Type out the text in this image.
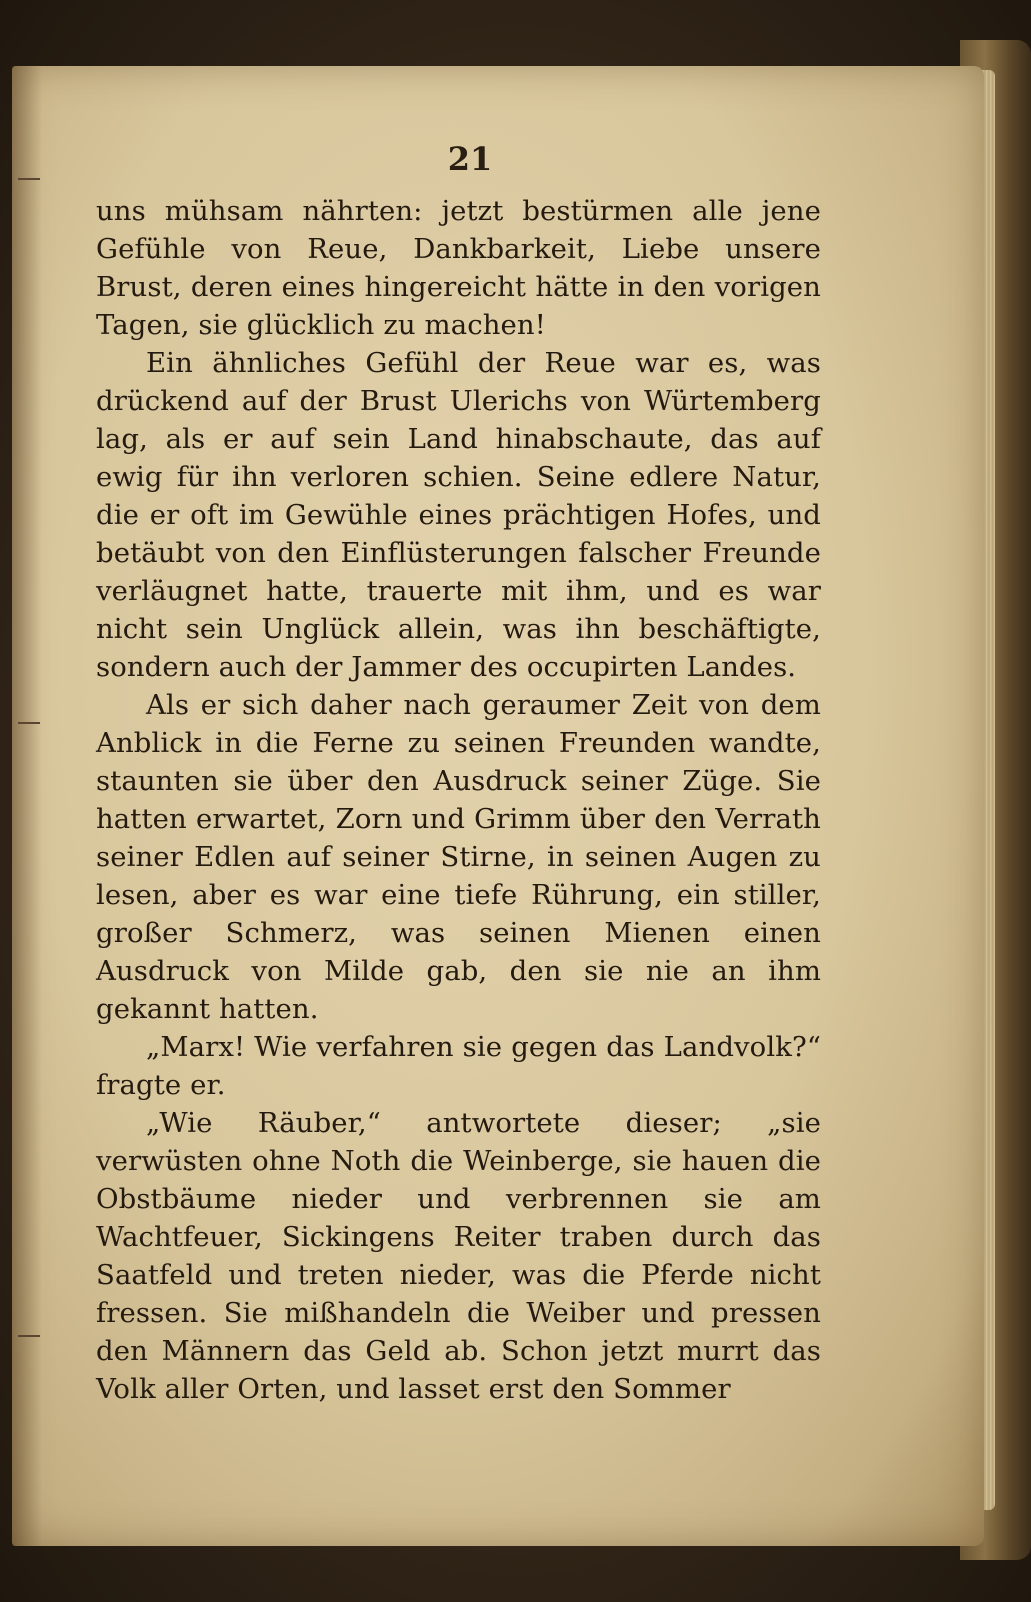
21

uns mühsam nährten: jetzt bestürmen alle jene Gefühle von Reue, Dankbarkeit, Liebe unsere Brust, deren eines hingereicht hätte in den vorigen Tagen, sie glücklich zu machen!

Ein ähnliches Gefühl der Reue war es, was drückend auf der Brust Ulerichs von Würtemberg lag, als er auf sein Land hinabschaute, das auf ewig für ihn verloren schien. Seine edlere Natur, die er oft im Gewühle eines prächtigen Hofes, und betäubt von den Einflüsterungen falscher Freunde verläugnet hatte, trauerte mit ihm, und es war nicht sein Unglück allein, was ihn beschäftigte, sondern auch der Jammer des occupirten Landes.

Als er sich daher nach geraumer Zeit von dem Anblick in die Ferne zu seinen Freunden wandte, staunten sie über den Ausdruck seiner Züge. Sie hatten erwartet, Zorn und Grimm über den Verrath seiner Edlen auf seiner Stirne, in seinen Augen zu lesen, aber es war eine tiefe Rührung, ein stiller, großer Schmerz, was seinen Mienen einen Ausdruck von Milde gab, den sie nie an ihm gekannt hatten.

„Marx! Wie verfahren sie gegen das Landvolk?“ fragte er.

„Wie Räuber,“ antwortete dieser; „sie verwüsten ohne Noth die Weinberge, sie hauen die Obstbäume nieder und verbrennen sie am Wachtfeuer, Sickingens Reiter traben durch das Saatfeld und treten nieder, was die Pferde nicht fressen. Sie mißhandeln die Weiber und pressen den Männern das Geld ab. Schon jetzt murrt das Volk aller Orten, und lasset erst den Sommer
